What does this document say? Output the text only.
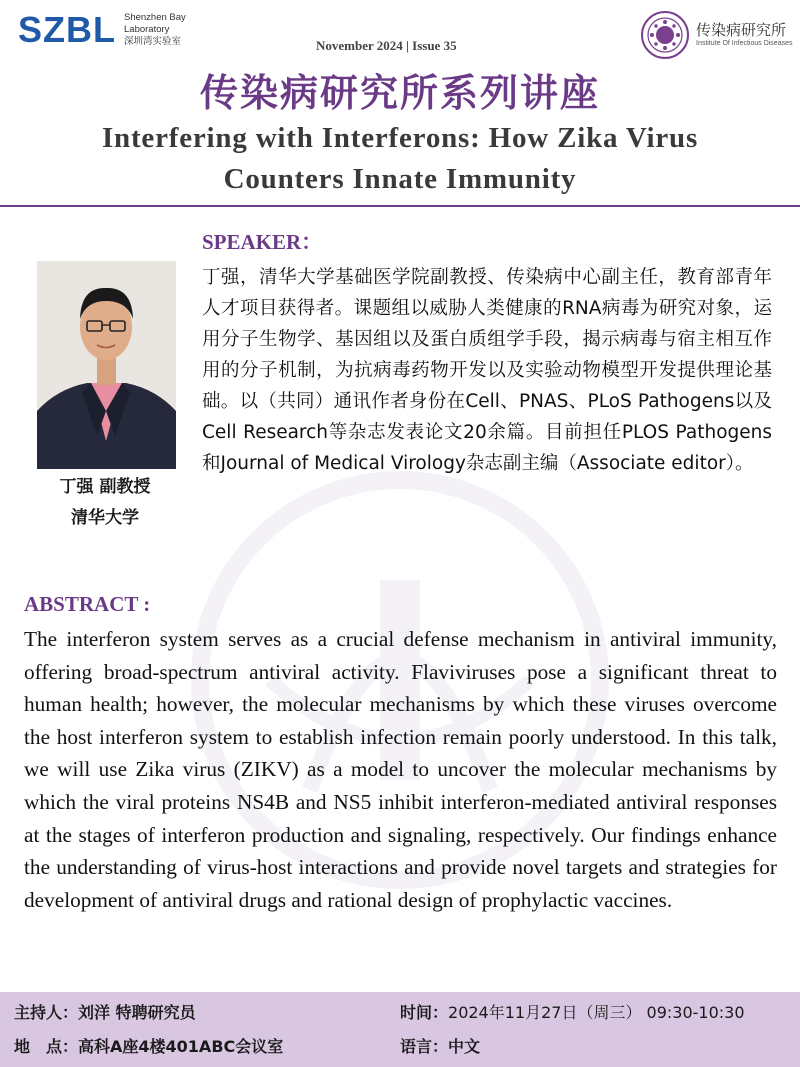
SZBL Shenzhen Bay
Laboratory
深圳湾实验室	November 2024 | Issue 35
传染病研究所
Institute Of Infectious Diseases
传染病研究所系列讲座
Interfering with Interferons: How Zika Virus
Counters Innate Immunity
SPEAKER：
丁强 副教授
清华大学
丁强，清华大学基础医学院副教授、传染病中心副主任，教育部青年人才项目获得者。课题组以威胁人类健康的RNA病毒为研究对象，运用分子生物学、基因组以及蛋白质组学手段，揭示病毒与宿主相互作用的分子机制，为抗病毒药物开发以及实验动物模型开发提供理论基础。以（共同）通讯作者身份在Cell、PNAS、PLoS Pathogens以及Cell Research等杂志发表论文20余篇。目前担任PLOS Pathogens和Journal of Medical Virology杂志副主编（Associate editor）。
ABSTRACT :
The interferon system serves as a crucial defense mechanism in antiviral immunity, offering broad-spectrum antiviral activity. Flaviviruses pose a significant threat to human health; however, the molecular mechanisms by which these viruses overcome the host interferon system to establish infection remain poorly understood. In this talk, we will use Zika virus (ZIKV) as a model to uncover the molecular mechanisms by which the viral proteins NS4B and NS5 inhibit interferon-mediated antiviral responses at the stages of interferon production and signaling, respectively. Our findings enhance the understanding of virus-host interactions and provide novel targets and strategies for development of antiviral drugs and rational design of prophylactic vaccines.
主持人：刘洋 特聘研究员
地　点：高科A座4楼401ABC会议室
时间：2024年11月27日（周三） 09:30-10:30
语言：中文
